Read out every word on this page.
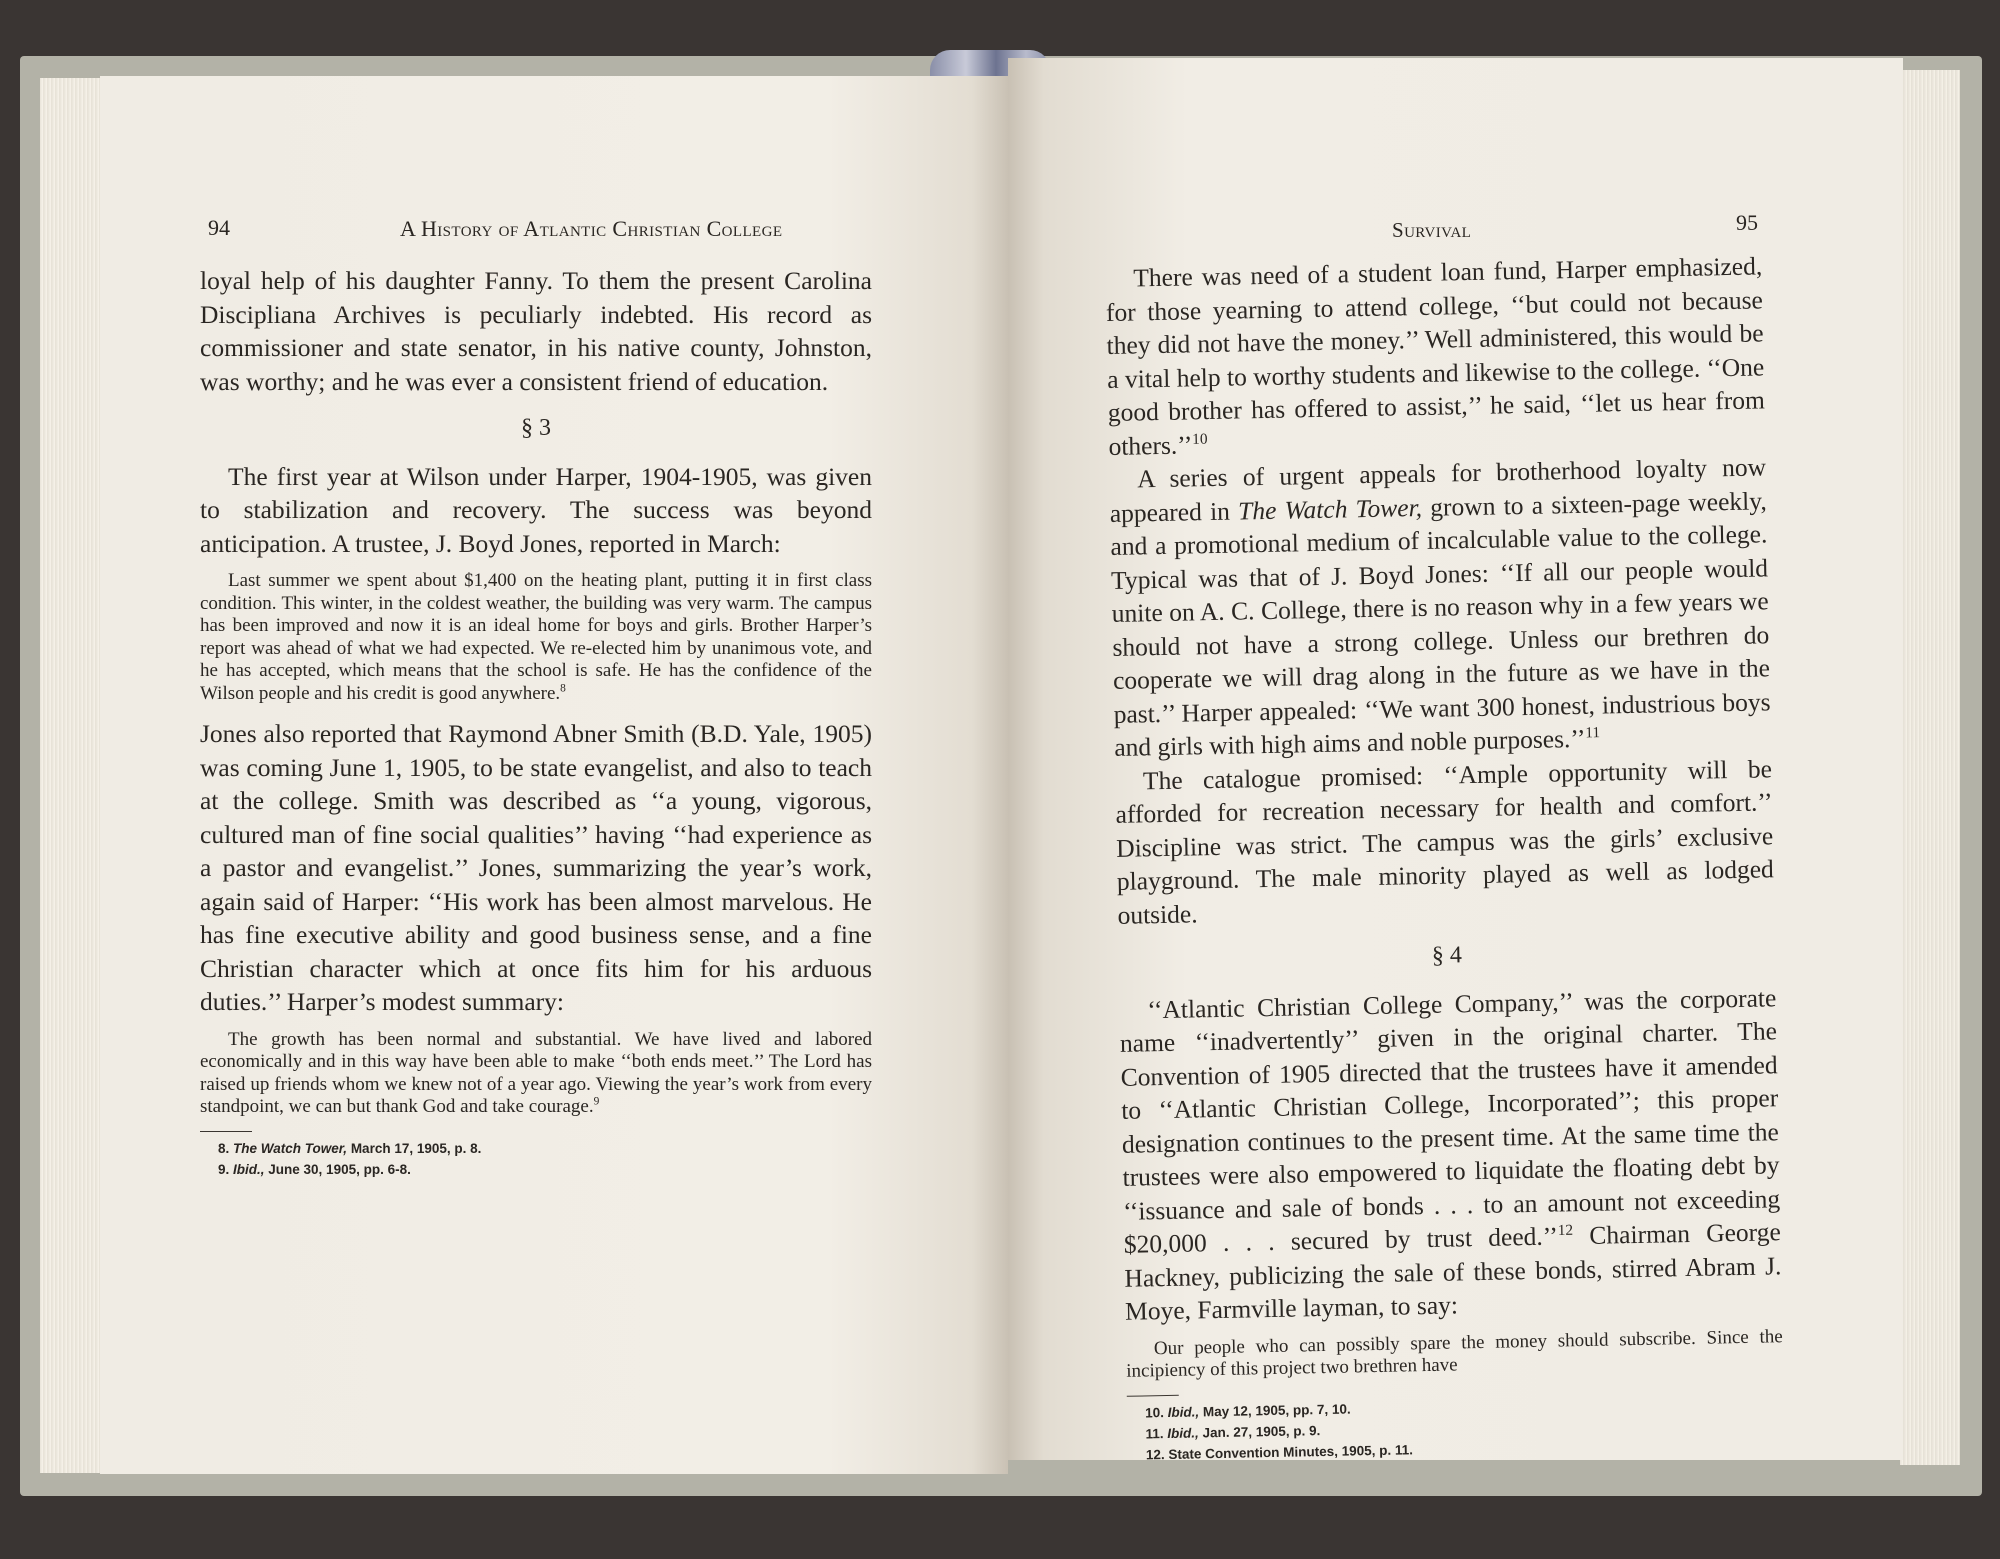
94	A History of Atlantic Christian College

loyal help of his daughter Fanny. To them the present Carolina Discipliana Archives is peculiarly indebted. His record as commissioner and state senator, in his native county, Johnston, was worthy; and he was ever a consistent friend of education.

§ 3

The first year at Wilson under Harper, 1904-1905, was given to stabilization and recovery. The success was beyond anticipation. A trustee, J. Boyd Jones, reported in March:

Last summer we spent about $1,400 on the heating plant, putting it in first class condition. This winter, in the coldest weather, the building was very warm. The campus has been improved and now it is an ideal home for boys and girls. Brother Harper’s report was ahead of what we had expected. We re-elected him by unanimous vote, and he has accepted, which means that the school is safe. He has the confidence of the Wilson people and his credit is good anywhere.$^8$

Jones also reported that Raymond Abner Smith (B.D. Yale, 1905) was coming June 1, 1905, to be state evangelist, and also to teach at the college. Smith was described as ‘‘a young, vigorous, cultured man of fine social qualities’’ having ‘‘had experience as a pastor and evangelist.’’ Jones, summarizing the year’s work, again said of Harper: ‘‘His work has been almost marvelous. He has fine executive ability and good business sense, and a fine Christian character which at once fits him for his arduous duties.’’ Harper’s modest summary:

The growth has been normal and substantial. We have lived and labored economically and in this way have been able to make ‘‘both ends meet.’’ The Lord has raised up friends whom we knew not of a year ago. Viewing the year’s work from every standpoint, we can but thank God and take courage.$^9$

8. The Watch Tower, March 17, 1905, p. 8.
9. Ibid., June 30, 1905, pp. 6-8.
Survival	95

There was need of a student loan fund, Harper emphasized, for those yearning to attend college, ‘‘but could not because they did not have the money.’’ Well administered, this would be a vital help to worthy students and likewise to the college. ‘‘One good brother has offered to assist,’’ he said, ‘‘let us hear from others.’’$^{10}$

A series of urgent appeals for brotherhood loyalty now appeared in The Watch Tower, grown to a sixteen-page weekly, and a promotional medium of incalculable value to the college. Typical was that of J. Boyd Jones: ‘‘If all our people would unite on A. C. College, there is no reason why in a few years we should not have a strong college. Unless our brethren do cooperate we will drag along in the future as we have in the past.’’ Harper appealed: ‘‘We want 300 honest, industrious boys and girls with high aims and noble purposes.’’$^{11}$

The catalogue promised: ‘‘Ample opportunity will be afforded for recreation necessary for health and comfort.’’ Discipline was strict. The campus was the girls’ exclusive playground. The male minority played as well as lodged outside.

§ 4

‘‘Atlantic Christian College Company,’’ was the corporate name ‘‘inadvertently’’ given in the original charter. The Convention of 1905 directed that the trustees have it amended to ‘‘Atlantic Christian College, Incorporated’’; this proper designation continues to the present time. At the same time the trustees were also empowered to liquidate the floating debt by ‘‘issuance and sale of bonds . . . to an amount not exceeding $20,000 . . . secured by trust deed.’’$^{12}$ Chairman George Hackney, publicizing the sale of these bonds, stirred Abram J. Moye, Farmville layman, to say:

Our people who can possibly spare the money should subscribe. Since the incipiency of this project two brethren have

10. Ibid., May 12, 1905, pp. 7, 10.
11. Ibid., Jan. 27, 1905, p. 9.
12. State Convention Minutes, 1905, p. 11.
